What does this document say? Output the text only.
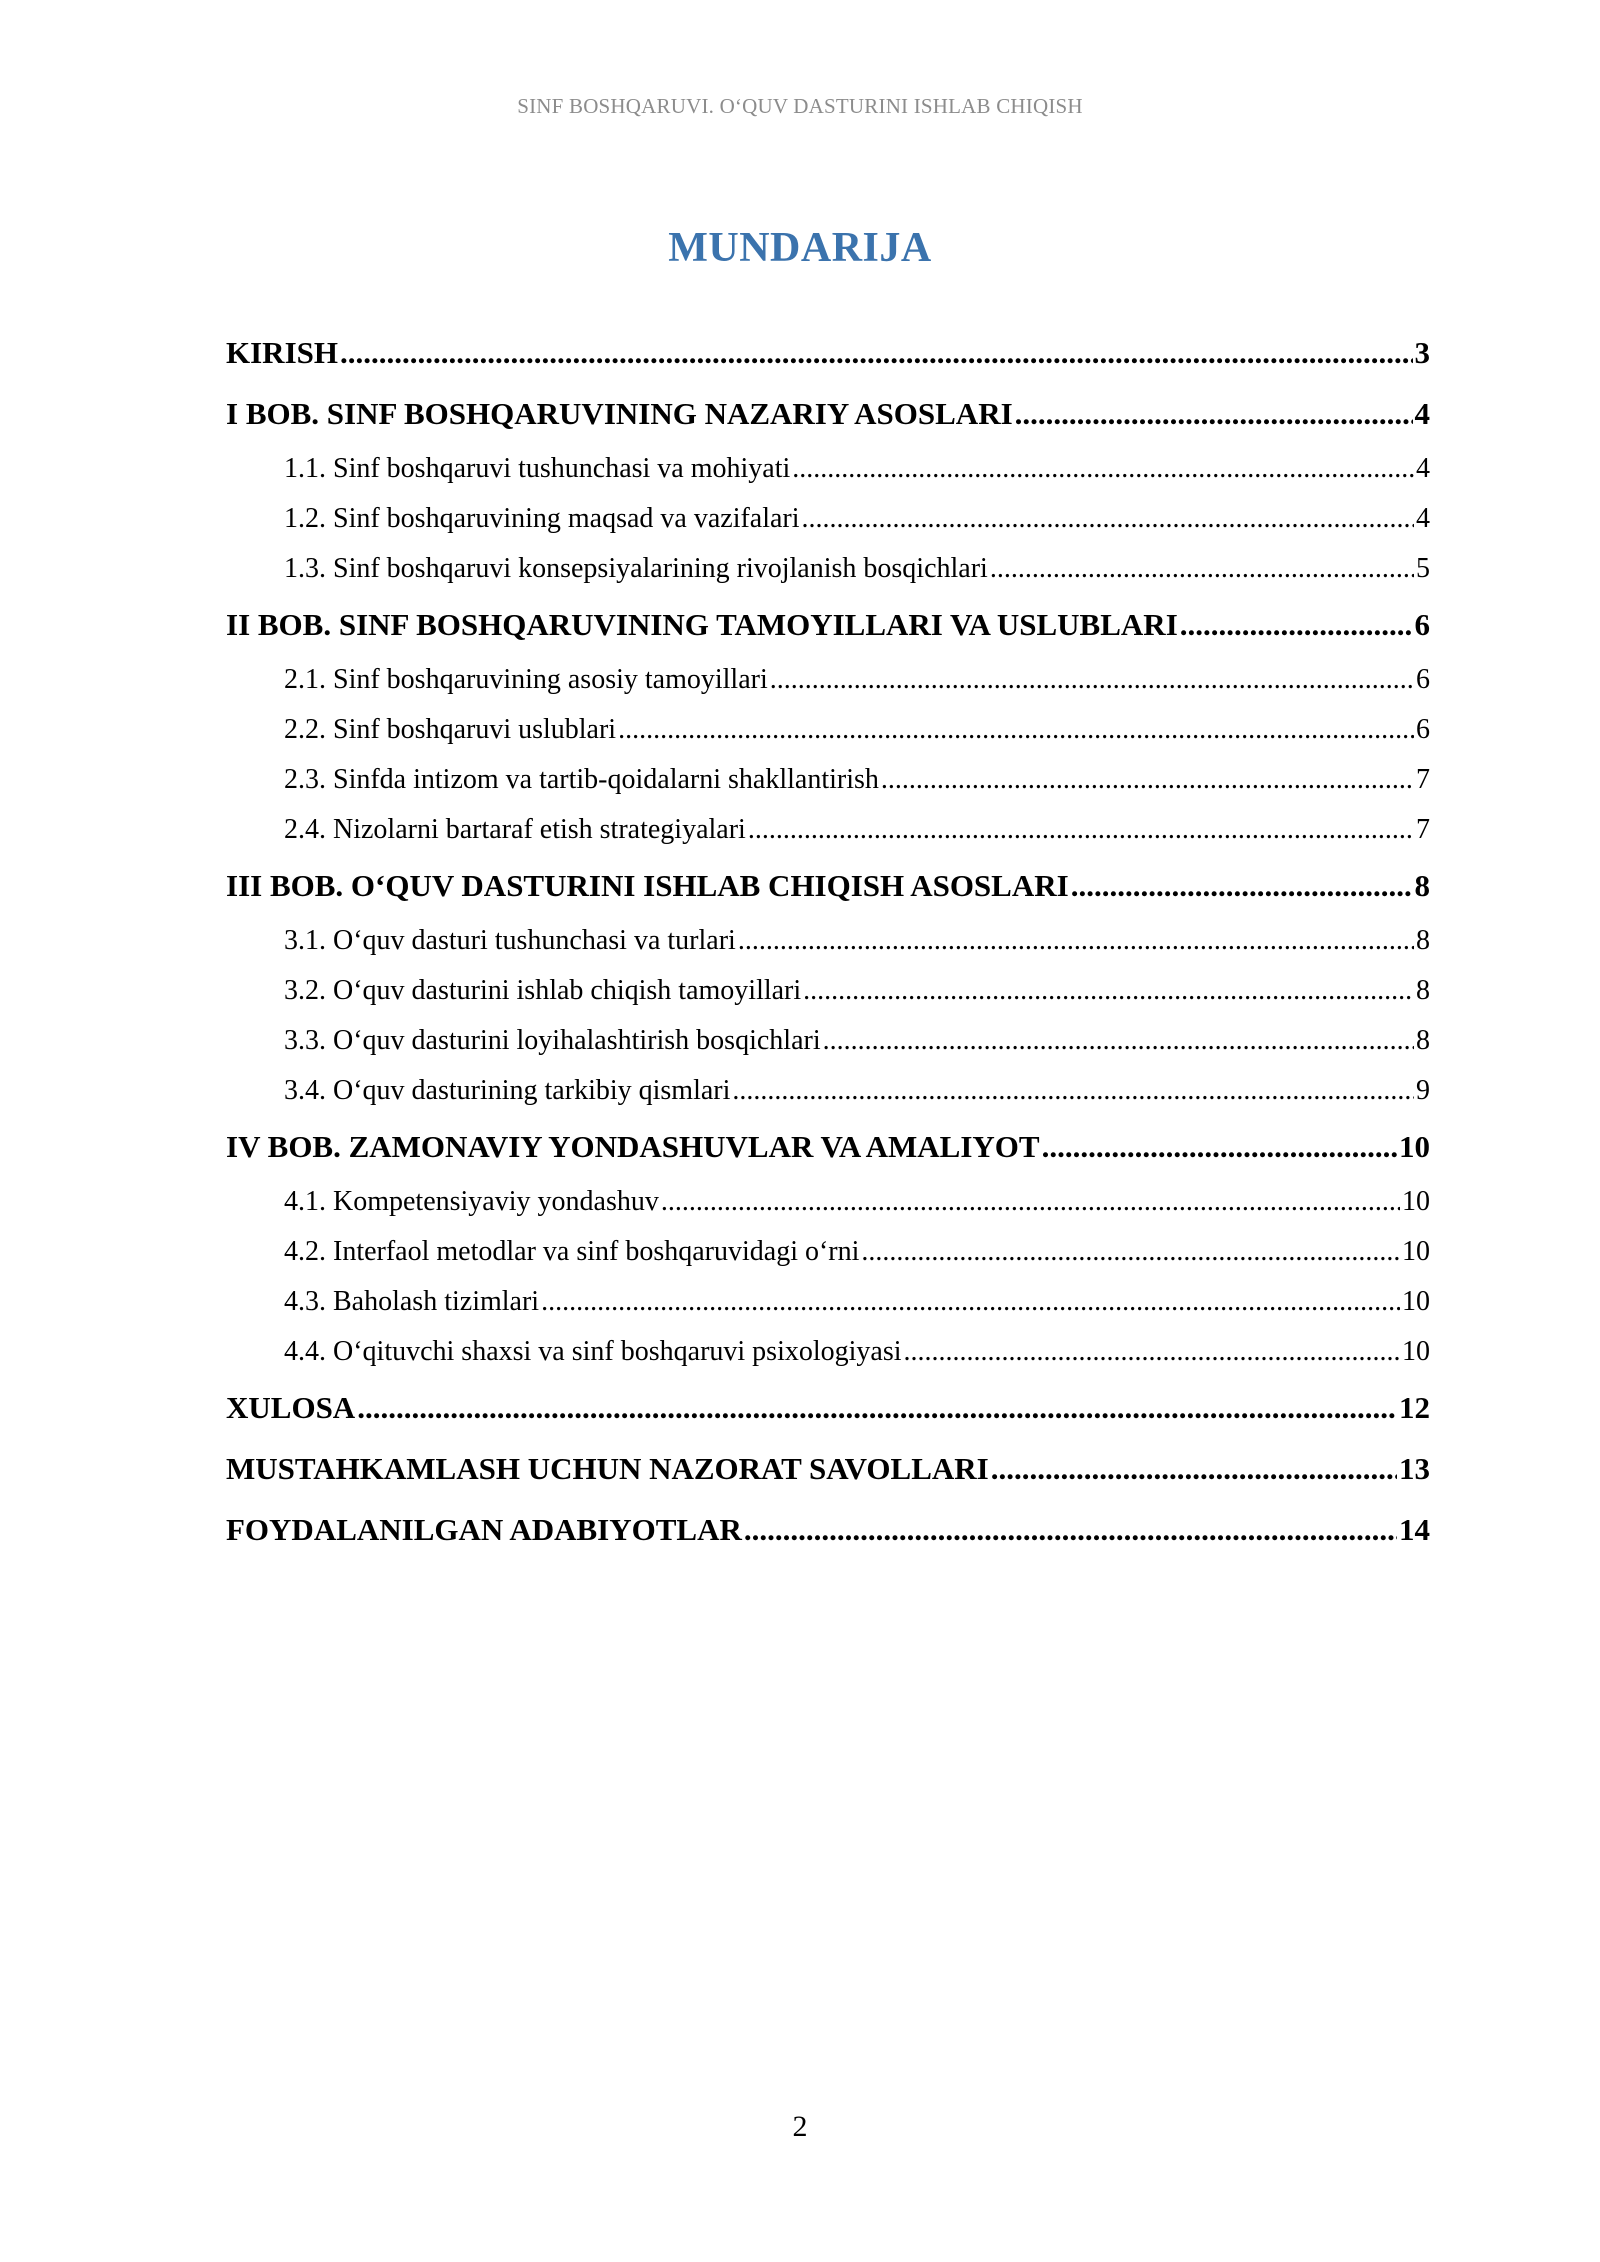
SINF BOSHQARUVI. O‘QUV DASTURINI ISHLAB CHIQISH
MUNDARIJA
KIRISH .....	3
I BOB. SINF BOSHQARUVINING NAZARIY ASOSLARI .....	4
1.1. Sinf boshqaruvi tushunchasi va mohiyati .....	4
1.2. Sinf boshqaruvining maqsad va vazifalari .....	4
1.3. Sinf boshqaruvi konsepsiyalarining rivojlanish bosqichlari .....	5
II BOB. SINF BOSHQARUVINING TAMOYILLARI VA USLUBLARI .....	6
2.1. Sinf boshqaruvining asosiy tamoyillari .....	6
2.2. Sinf boshqaruvi uslublari .....	6
2.3. Sinfda intizom va tartib-qoidalarni shakllantirish .....	7
2.4. Nizolarni bartaraf etish strategiyalari .....	7
III BOB. O‘QUV DASTURINI ISHLAB CHIQISH ASOSLARI .....	8
3.1. O‘quv dasturi tushunchasi va turlari .....	8
3.2. O‘quv dasturini ishlab chiqish tamoyillari .....	8
3.3. O‘quv dasturini loyihalashtirish bosqichlari .....	8
3.4. O‘quv dasturining tarkibiy qismlari .....	9
IV BOB. ZAMONAVIY YONDASHUVLAR VA AMALIYOT .....	10
4.1. Kompetensiyaviy yondashuv .....	10
4.2. Interfaol metodlar va sinf boshqaruvidagi o‘rni .....	10
4.3. Baholash tizimlari .....	10
4.4. O‘qituvchi shaxsi va sinf boshqaruvi psixologiyasi .....	10
XULOSA .....	12
MUSTAHKAMLASH UCHUN NAZORAT SAVOLLARI .....	13
FOYDALANILGAN ADABIYOTLAR .....	14
2
